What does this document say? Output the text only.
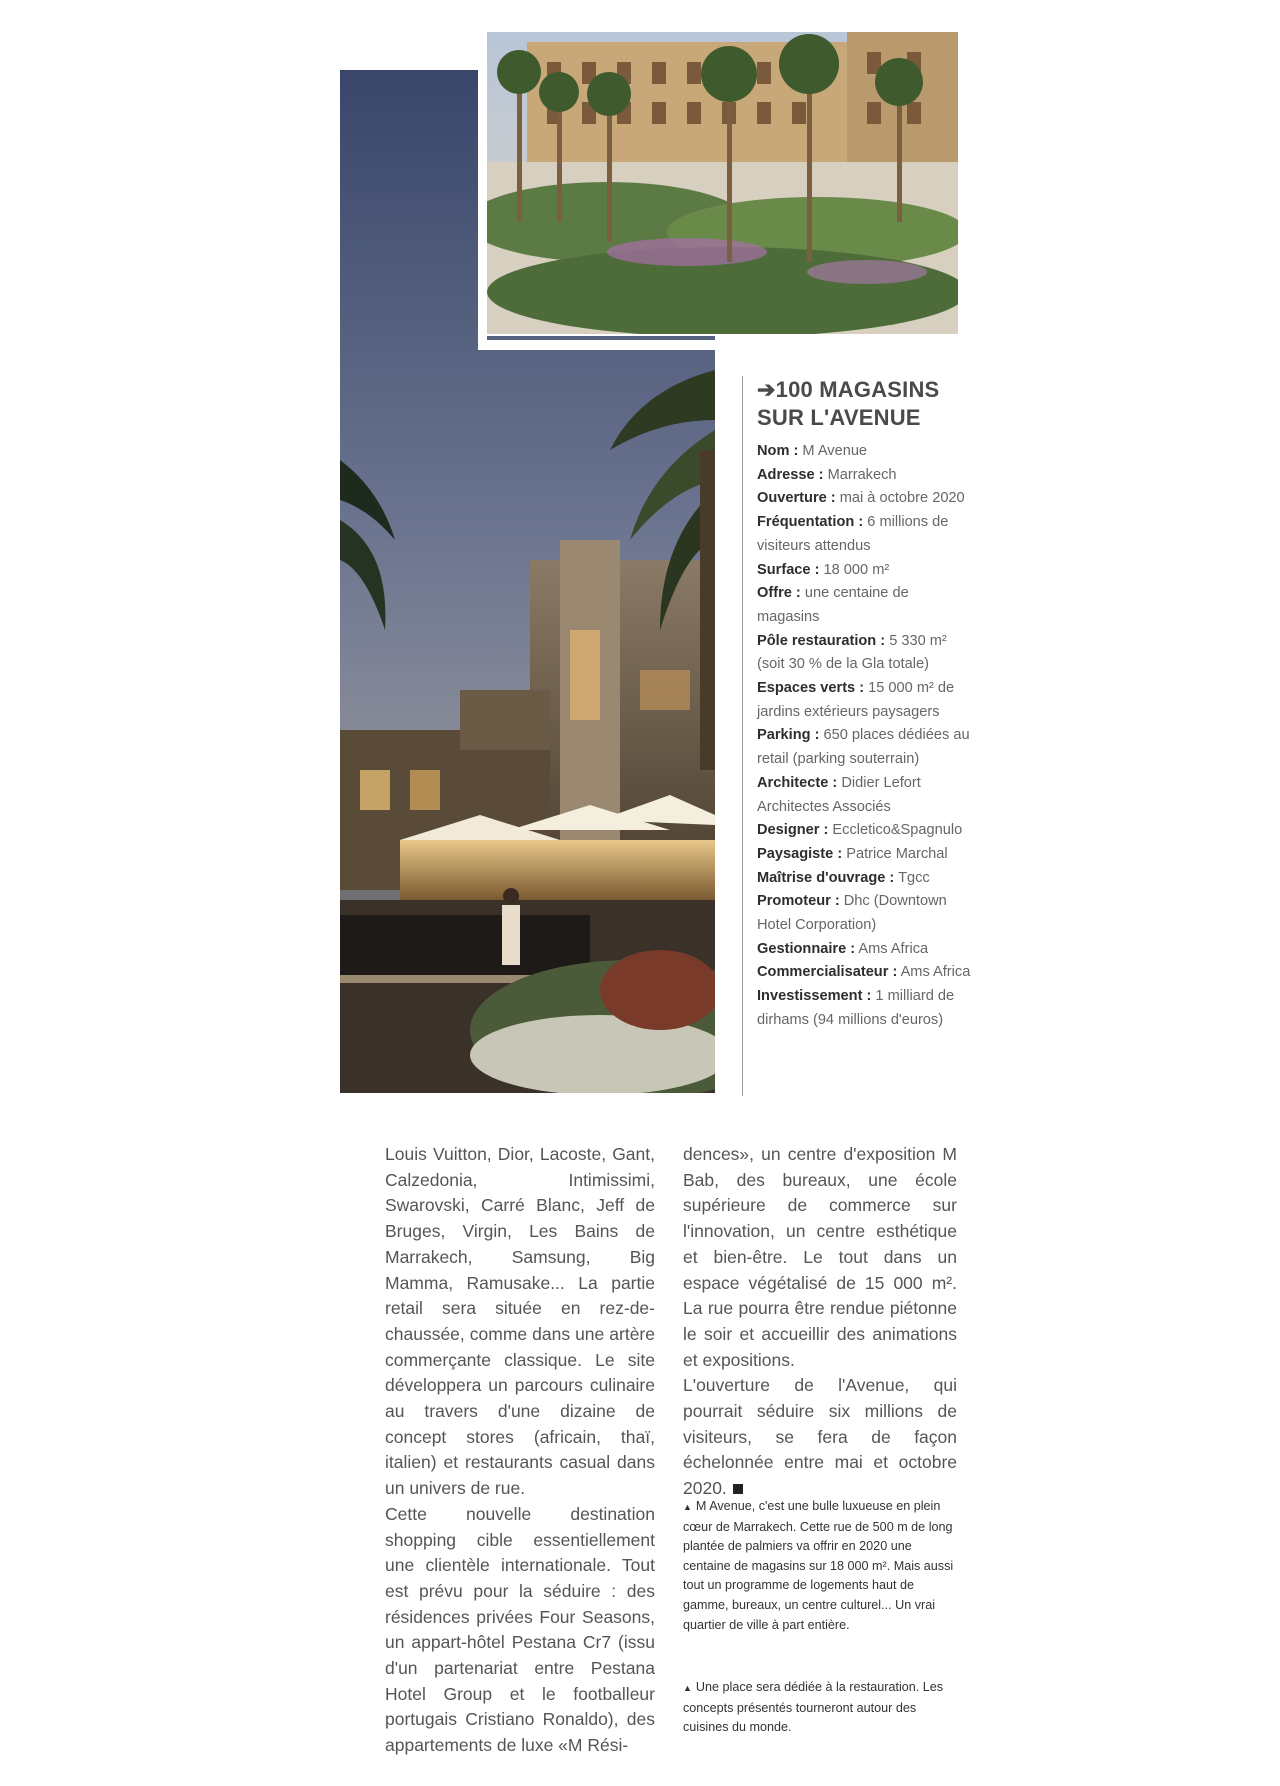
➔100 MAGASINS
SUR L'AVENUE
Nom : M Avenue
Adresse : Marrakech
Ouverture : mai à octobre 2020
Fréquentation : 6 millions de visiteurs attendus
Surface : 18 000 m²
Offre : une centaine de magasins
Pôle restauration : 5 330 m² (soit 30 % de la Gla totale)
Espaces verts : 15 000 m² de jardins extérieurs paysagers
Parking : 650 places dédiées au retail (parking souterrain)
Architecte : Didier Lefort Architectes Associés
Designer : Eccletico&Spagnulo
Paysagiste : Patrice Marchal
Maîtrise d'ouvrage : Tgcc
Promoteur : Dhc (Downtown Hotel Corporation)
Gestionnaire : Ams Africa
Commercialisateur : Ams Africa
Investissement : 1 milliard de dirhams (94 millions d'euros)

Louis Vuitton, Dior, Lacoste, Gant, Calzedonia, Intimissimi, Swarovski, Carré Blanc, Jeff de Bruges, Virgin, Les Bains de Marrakech, Samsung, Big Mamma, Ramusake... La partie retail sera située en rez-de-chaussée, comme dans une artère commerçante classique. Le site développera un parcours culinaire au travers d'une dizaine de concept stores (africain, thaï, italien) et restaurants casual dans un univers de rue.

Cette nouvelle destination shopping cible essentiellement une clientèle internationale. Tout est prévu pour la séduire : des résidences privées Four Seasons, un appart-hôtel Pestana Cr7 (issu d'un partenariat entre Pestana Hotel Group et le footballeur portugais Cristiano Ronaldo), des appartements de luxe «M Rési-

dences», un centre d'exposition M Bab, des bureaux, une école supérieure de commerce sur l'innovation, un centre esthétique et bien-être. Le tout dans un espace végétalisé de 15 000 m². La rue pourra être rendue piétonne le soir et accueillir des animations et expositions.

L'ouverture de l'Avenue, qui pourrait séduire six millions de visiteurs, se fera de façon échelonnée entre mai et octobre 2020.

▲ M Avenue, c'est une bulle luxueuse en plein cœur de Marrakech. Cette rue de 500 m de long plantée de palmiers va offrir en 2020 une centaine de magasins sur 18 000 m². Mais aussi tout un programme de logements haut de gamme, bureaux, un centre culturel... Un vrai quartier de ville à part entière.
▲ Une place sera dédiée à la restauration. Les concepts présentés tourneront autour des cuisines du monde.
